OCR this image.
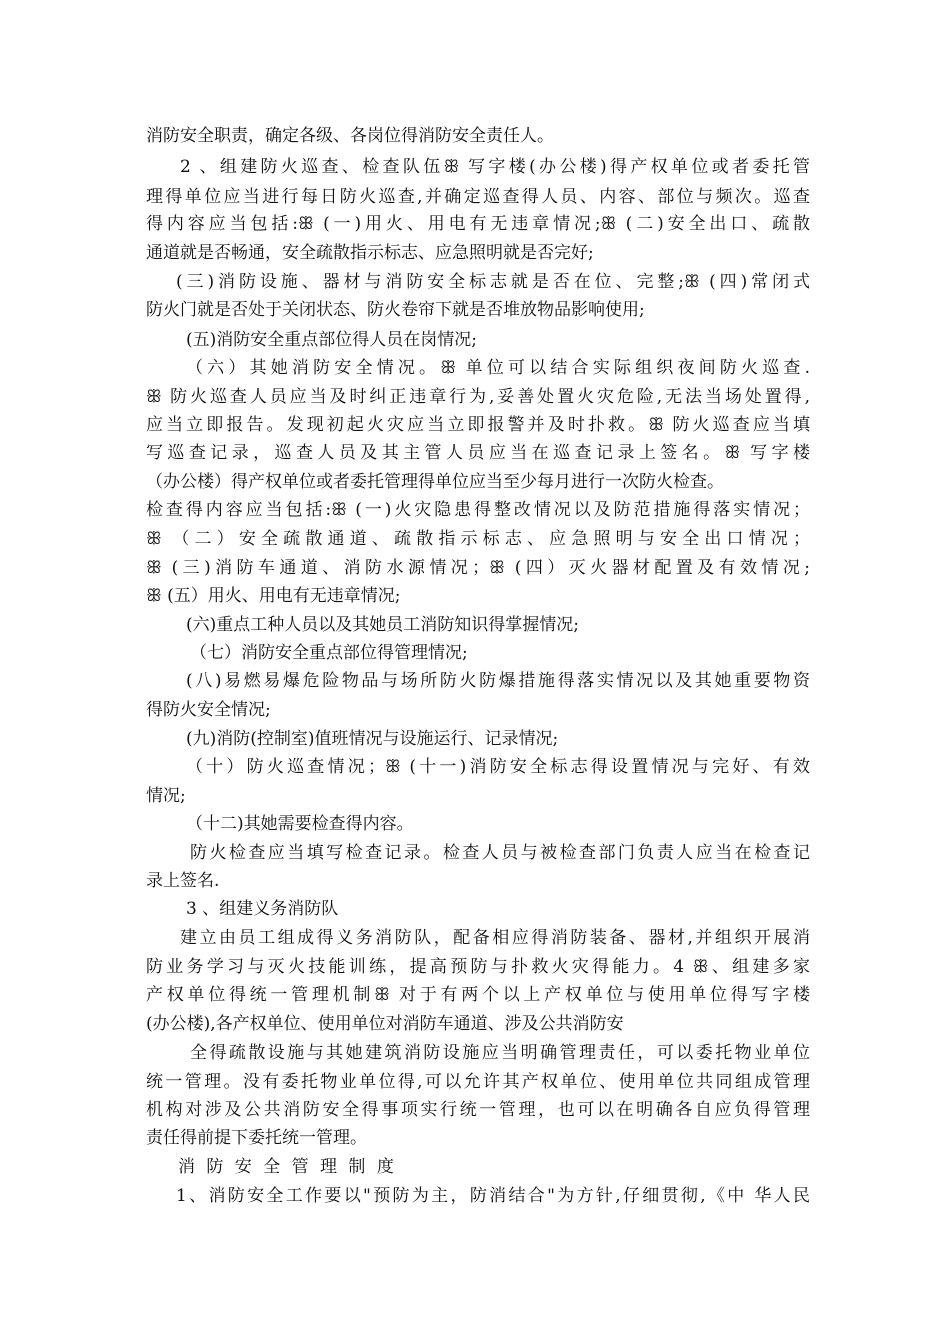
消防安全职责，确定各级、各岗位得消防安全责任人。
2 、组建防火巡查、检查队伍ꕥ 写字楼(办公楼)得产权单位或者委托管
理得单位应当进行每日防火巡查,并确定巡查得人员、内容、部位与频次。巡查
得内容应当包括:ꕥ (一)用火、用电有无违章情况;ꕥ (二)安全出口、疏散
通道就是否畅通，安全疏散指示标志、应急照明就是否完好;
(三)消防设施、器材与消防安全标志就是否在位、完整;ꕥ (四)常闭式
防火门就是否处于关闭状态、防火卷帘下就是否堆放物品影响使用;
(五)消防安全重点部位得人员在岗情况;
（六）其她消防安全情况。ꕥ 单位可以结合实际组织夜间防火巡查.
ꕥ 防火巡查人员应当及时纠正违章行为,妥善处置火灾危险,无法当场处置得,
应当立即报告。发现初起火灾应当立即报警并及时扑救。ꕥ 防火巡查应当填
写巡查记录，巡查人员及其主管人员应当在巡查记录上签名。ꕥ 写字楼
（办公楼）得产权单位或者委托管理得单位应当至少每月进行一次防火检查。
检查得内容应当包括:ꕥ (一)火灾隐患得整改情况以及防范措施得落实情况；
ꕥ （二）安全疏散通道、疏散指示标志、应急照明与安全出口情况；
ꕥ (三)消防车通道、消防水源情况；ꕥ (四）灭火器材配置及有效情况;
ꕥ (五）用火、用电有无违章情况;
(六)重点工种人员以及其她员工消防知识得掌握情况;
（七）消防安全重点部位得管理情况;
(八)易燃易爆危险物品与场所防火防爆措施得落实情况以及其她重要物资
得防火安全情况;
(九)消防(控制室)值班情况与设施运行、记录情况;
（十）防火巡查情况；ꕥ (十一)消防安全标志得设置情况与完好、有效
情况;
（十二)其她需要检查得内容。
防火检查应当填写检查记录。检查人员与被检查部门负责人应当在检查记
录上签名.
3 、组建义务消防队
建立由员工组成得义务消防队，配备相应得消防装备、器材,并组织开展消
防业务学习与灭火技能训练，提高预防与扑救火灾得能力。4 ꕥ、组建多家
产权单位得统一管理机制ꕥ 对于有两个以上产权单位与使用单位得写字楼
(办公楼),各产权单位、使用单位对消防车通道、涉及公共消防安
全得疏散设施与其她建筑消防设施应当明确管理责任，可以委托物业单位
统一管理。没有委托物业单位得,可以允许其产权单位、使用单位共同组成管理
机构对涉及公共消防安全得事项实行统一管理，也可以在明确各自应负得管理
责任得前提下委托统一管理。
消 防 安 全 管 理 制 度
1、消防安全工作要以"预防为主，防消结合"为方针,仔细贯彻,《中 华人民
